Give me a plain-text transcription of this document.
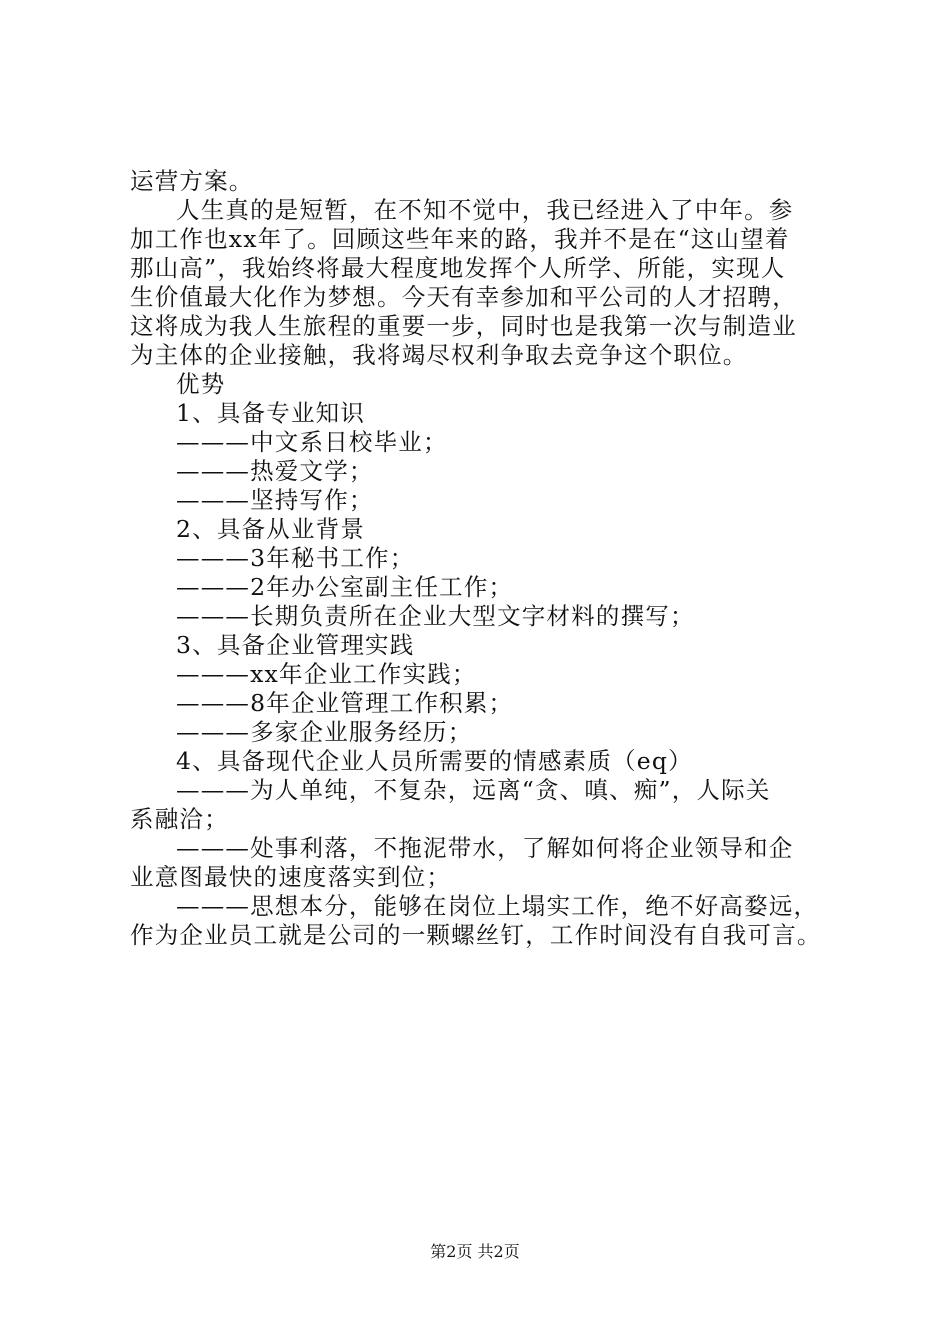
运营方案。
人生真的是短暂，在不知不觉中，我已经进入了中年。参
加工作也xx年了。回顾这些年来的路，我并不是在“这山望着
那山高”，我始终将最大程度地发挥个人所学、所能，实现人
生价值最大化作为梦想。今天有幸参加和平公司的人才招聘，
这将成为我人生旅程的重要一步，同时也是我第一次与制造业
为主体的企业接触，我将竭尽权利争取去竞争这个职位。
优势
1、具备专业知识
———中文系日校毕业；
———热爱文学；
———坚持写作；
2、具备从业背景
———3年秘书工作；
———2年办公室副主任工作；
———长期负责所在企业大型文字材料的撰写；
3、具备企业管理实践
———xx年企业工作实践；
———8年企业管理工作积累；
———多家企业服务经历；
4、具备现代企业人员所需要的情感素质（eq）
———为人单纯，不复杂，远离“贪、嗔、痴”，人际关
系融洽；
———处事利落，不拖泥带水，了解如何将企业领导和企
业意图最快的速度落实到位；
———思想本分，能够在岗位上塌实工作，绝不好高婺远，
作为企业员工就是公司的一颗螺丝钉，工作时间没有自我可言。
第2页 共2页
